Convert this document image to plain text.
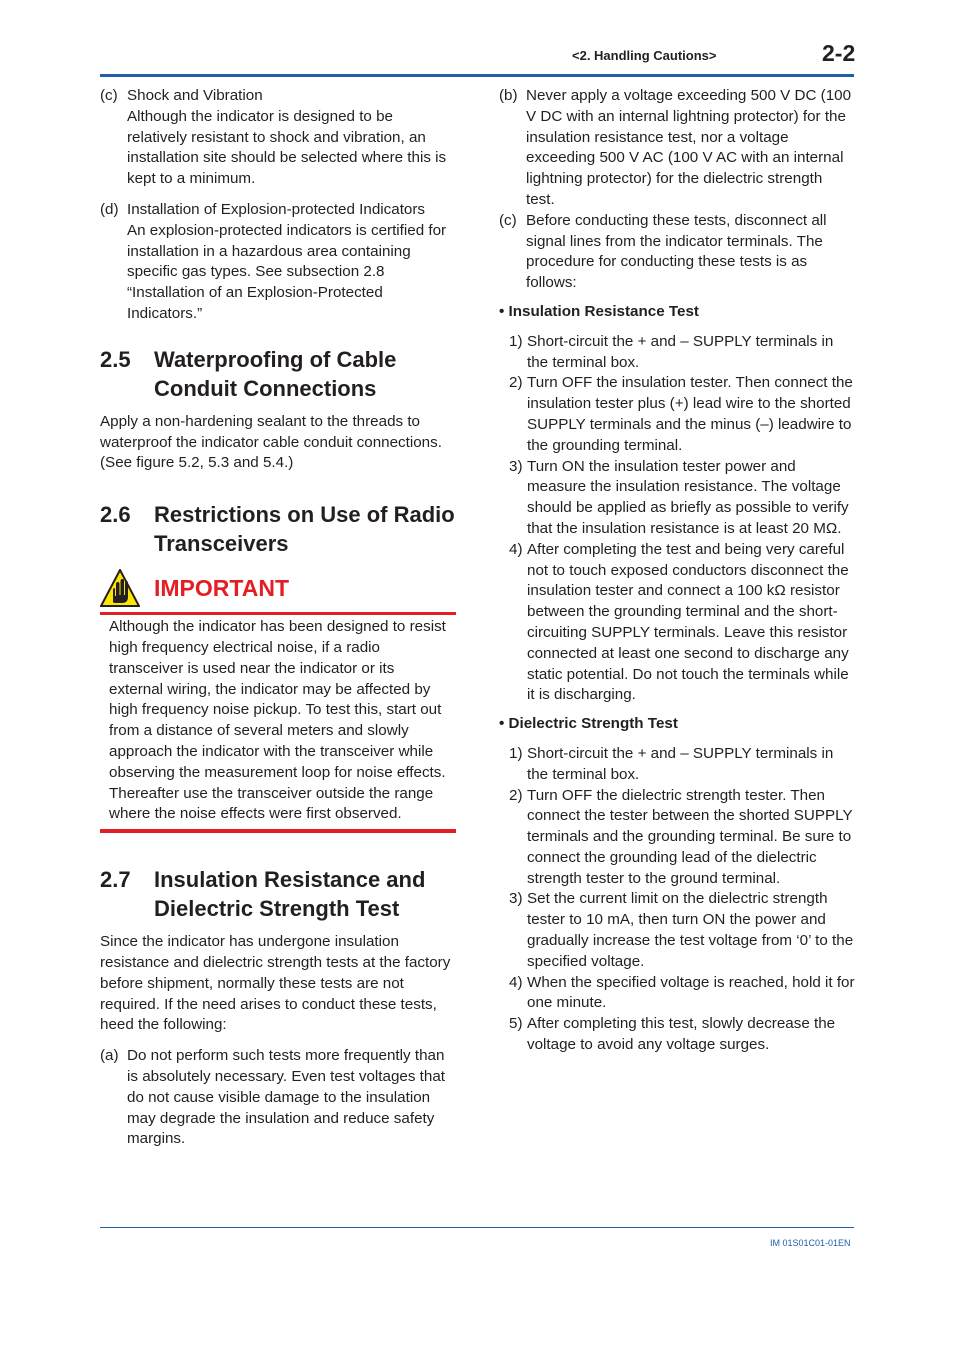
<2. Handling Cautions>	2-2
(c) Shock and Vibration
Although the indicator is designed to be relatively resistant to shock and vibration, an installation site should be selected where this is kept to a minimum.
(d) Installation of Explosion-protected Indicators
An explosion-protected indicators is certified for installation in a hazardous area containing specific gas types. See subsection 2.8 “Installation of an Explosion-Protected Indicators.”
2.5	Waterproofing of Cable Conduit Connections
Apply a non-hardening sealant to the threads to waterproof the indicator cable conduit connections. (See figure 5.2, 5.3 and 5.4.)
2.6	Restrictions on Use of Radio Transceivers
IMPORTANT
Although the indicator has been designed to resist high frequency electrical noise, if a radio transceiver is used near the indicator or its external wiring, the indicator may be affected by high frequency noise pickup. To test this, start out from a distance of several meters and slowly approach the indicator with the transceiver while observing the measurement loop for noise effects. Thereafter use the transceiver outside the range where the noise effects were first observed.
2.7	Insulation Resistance and Dielectric Strength Test
Since the indicator has undergone insulation resistance and dielectric strength tests at the factory before shipment, normally these tests are not required. If the need arises to conduct these tests, heed the following:
(a) Do not perform such tests more frequently than is absolutely necessary. Even test voltages that do not cause visible damage to the insulation may degrade the insulation and reduce safety margins.
(b) Never apply a voltage exceeding 500 V DC (100 V DC with an internal lightning protector) for the insulation resistance test, nor a voltage exceeding 500 V AC (100 V AC with an internal lightning protector) for the dielectric strength test.
(c) Before conducting these tests, disconnect all signal lines from the indicator terminals. The procedure for conducting these tests is as follows:
• Insulation Resistance Test
1) Short-circuit the + and – SUPPLY terminals in the terminal box.
2) Turn OFF the insulation tester. Then connect the insulation tester plus (+) lead wire to the shorted SUPPLY terminals and the minus (–) leadwire to the grounding terminal.
3) Turn ON the insulation tester power and measure the insulation resistance. The voltage should be applied as briefly as possible to verify that the insulation resistance is at least 20 MΩ.
4) After completing the test and being very careful not to touch exposed conductors disconnect the insulation tester and connect a 100 kΩ resistor between the grounding terminal and the short-circuiting SUPPLY terminals. Leave this resistor connected at least one second to discharge any static potential. Do not touch the terminals while it is discharging.
• Dielectric Strength Test
1) Short-circuit the + and – SUPPLY terminals in the terminal box.
2) Turn OFF the dielectric strength tester. Then connect the tester between the shorted SUPPLY terminals and the grounding terminal. Be sure to connect the grounding lead of the dielectric strength tester to the ground terminal.
3) Set the current limit on the dielectric strength tester to 10 mA, then turn ON the power and gradually increase the test voltage from ‘0’ to the specified voltage.
4) When the specified voltage is reached, hold it for one minute.
5) After completing this test, slowly decrease the voltage to avoid any voltage surges.
IM 01S01C01-01EN
